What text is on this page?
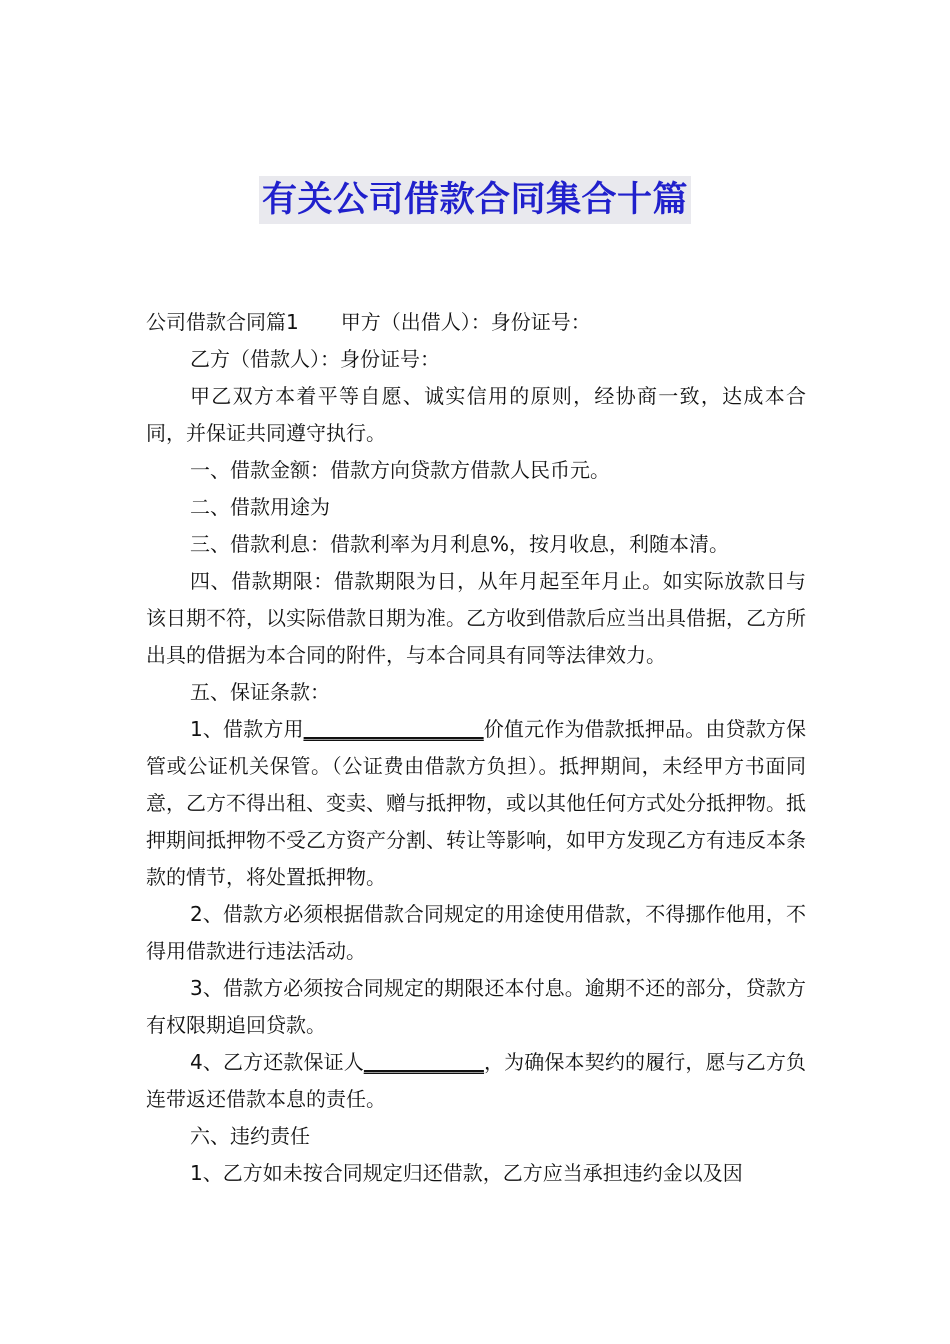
有关公司借款合同集合十篇

公司借款合同篇1 甲方（出借人）：身份证号：

乙方（借款人）：身份证号：

甲乙双方本着平等自愿、诚实信用的原则，经协商一致，达成本合同，并保证共同遵守执行。

一、借款金额：借款方向贷款方借款人民币元。

二、借款用途为

三、借款利息：借款利率为月利息%，按月收息，利随本清。

四、借款期限：借款期限为日，从年月起至年月止。如实际放款日与该日期不符，以实际借款日期为准。乙方收到借款后应当出具借据，乙方所出具的借据为本合同的附件，与本合同具有同等法律效力。

五、保证条款：

1、借款方用__________________价值元作为借款抵押品。由贷款方保管或公证机关保管。（公证费由借款方负担）。抵押期间，未经甲方书面同意，乙方不得出租、变卖、赠与抵押物，或以其他任何方式处分抵押物。抵押期间抵押物不受乙方资产分割、转让等影响，如甲方发现乙方有违反本条款的情节，将处置抵押物。

2、借款方必须根据借款合同规定的用途使用借款，不得挪作他用，不得用借款进行违法活动。

3、借款方必须按合同规定的期限还本付息。逾期不还的部分，贷款方有权限期追回贷款。

4、乙方还款保证人____________，为确保本契约的履行，愿与乙方负连带返还借款本息的责任。

六、违约责任

1、乙方如未按合同规定归还借款，乙方应当承担违约金以及因
